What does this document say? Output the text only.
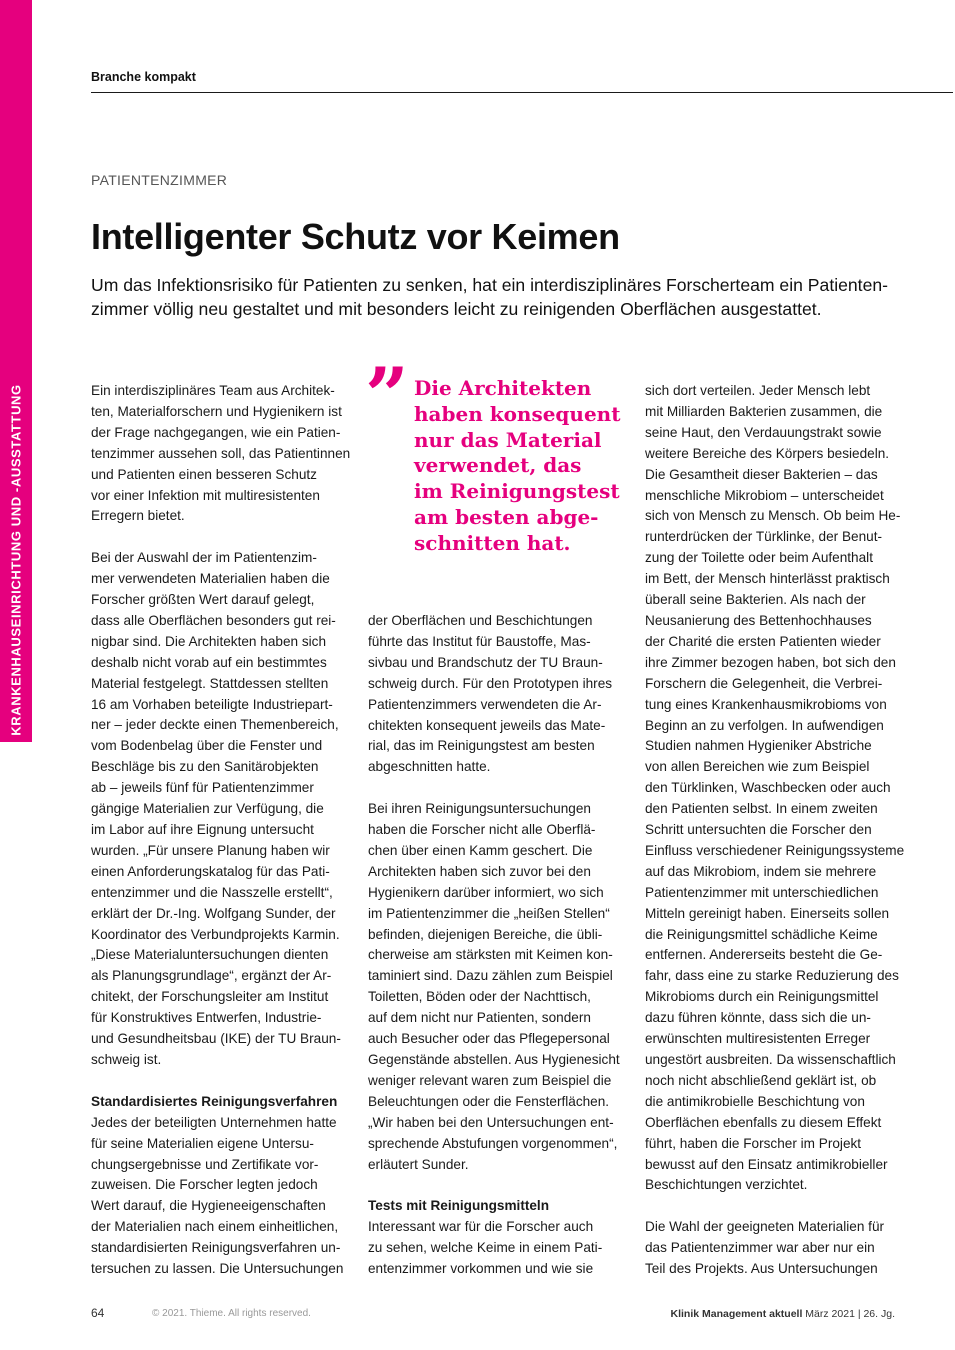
KRANKENHAUSEINRICHTUNG UND -AUSSTATTUNG
Branche kompakt
PATIENTENZIMMER
Intelligenter Schutz vor Keimen
Um das Infektionsrisiko für Patienten zu senken, hat ein interdisziplinäres Forscherteam ein Patienten-zimmer völlig neu gestaltet und mit besonders leicht zu reinigenden Oberflächen ausgestattet.

Ein interdisziplinäres Team aus Architek-
ten, Materialforschern und Hygienikern ist
der Frage nachgegangen, wie ein Patien-
tenzimmer aussehen soll, das Patientinnen
und Patienten einen besseren Schutz
vor einer Infektion mit multiresistenten
Erregern bietet.

Bei der Auswahl der im Patientenzim-
mer verwendeten Materialien haben die
Forscher größten Wert darauf gelegt,
dass alle Oberflächen besonders gut rei-
nigbar sind. Die Architekten haben sich
deshalb nicht vorab auf ein bestimmtes
Material festgelegt. Stattdessen stellten
16 am Vorhaben beteiligte Industriepart-
ner – jeder deckte einen Themenbereich,
vom Bodenbelag über die Fenster und
Beschläge bis zu den Sanitärobjekten
ab – jeweils fünf für Patientenzimmer
gängige Materialien zur Verfügung, die
im Labor auf ihre Eignung untersucht
wurden. „Für unsere Planung haben wir
einen Anforderungskatalog für das Pati-
entenzimmer und die Nasszelle erstellt“,
erklärt der Dr.-Ing. Wolfgang Sunder, der
Koordinator des Verbundprojekts Karmin.
„Diese Materialuntersuchungen dienten
als Planungsgrundlage“, ergänzt der Ar-
chitekt, der Forschungsleiter am Institut
für Konstruktives Entwerfen, Industrie-
und Gesundheitsbau (IKE) der TU Braun-
schweig ist.

Standardisiertes Reinigungsverfahren

Jedes der beteiligten Unternehmen hatte
für seine Materialien eigene Untersu-
chungsergebnisse und Zertifikate vor-
zuweisen. Die Forscher legten jedoch
Wert darauf, die Hygieneeigenschaften
der Materialien nach einem einheitlichen,
standardisierten Reinigungsverfahren un-
tersuchen zu lassen. Die Untersuchungen

” Die Architekten
haben konsequent
nur das Material
verwendet, das
im Reinigungstest
am besten abge-
schnitten hat.

der Oberflächen und Beschichtungen
führte das Institut für Baustoffe, Mas-
sivbau und Brandschutz der TU Braun-
schweig durch. Für den Prototypen ihres
Patientenzimmers verwendeten die Ar-
chitekten konsequent jeweils das Mate-
rial, das im Reinigungstest am besten
abgeschnitten hatte.

Bei ihren Reinigungsuntersuchungen
haben die Forscher nicht alle Oberflä-
chen über einen Kamm geschert. Die
Architekten haben sich zuvor bei den
Hygienikern darüber informiert, wo sich
im Patientenzimmer die „heißen Stellen“
befinden, diejenigen Bereiche, die übli-
cherweise am stärksten mit Keimen kon-
taminiert sind. Dazu zählen zum Beispiel
Toiletten, Böden oder der Nachttisch,
auf dem nicht nur Patienten, sondern
auch Besucher oder das Pflegepersonal
Gegenstände abstellen. Aus Hygienesicht
weniger relevant waren zum Beispiel die
Beleuchtungen oder die Fensterflächen.
„Wir haben bei den Untersuchungen ent-
sprechende Abstufungen vorgenommen“,
erläutert Sunder.

Tests mit Reinigungsmitteln

Interessant war für die Forscher auch
zu sehen, welche Keime in einem Pati-
entenzimmer vorkommen und wie sie

sich dort verteilen. Jeder Mensch lebt
mit Milliarden Bakterien zusammen, die
seine Haut, den Verdauungstrakt sowie
weitere Bereiche des Körpers besiedeln.
Die Gesamtheit dieser Bakterien – das
menschliche Mikrobiom – unterscheidet
sich von Mensch zu Mensch. Ob beim He-
runterdrücken der Türklinke, der Benut-
zung der Toilette oder beim Aufenthalt
im Bett, der Mensch hinterlässt praktisch
überall seine Bakterien. Als nach der
Neusanierung des Bettenhochhauses
der Charité die ersten Patienten wieder
ihre Zimmer bezogen haben, bot sich den
Forschern die Gelegenheit, die Verbrei-
tung eines Krankenhausmikrobioms von
Beginn an zu verfolgen. In aufwendigen
Studien nahmen Hygieniker Abstriche
von allen Bereichen wie zum Beispiel
den Türklinken, Waschbecken oder auch
den Patienten selbst. In einem zweiten
Schritt untersuchten die Forscher den
Einfluss verschiedener Reinigungssysteme
auf das Mikrobiom, indem sie mehrere
Patientenzimmer mit unterschiedlichen
Mitteln gereinigt haben. Einerseits sollen
die Reinigungsmittel schädliche Keime
entfernen. Andererseits besteht die Ge-
fahr, dass eine zu starke Reduzierung des
Mikrobioms durch ein Reinigungsmittel
dazu führen könnte, dass sich die un-
erwünschten multiresistenten Erreger
ungestört ausbreiten. Da wissenschaftlich
noch nicht abschließend geklärt ist, ob
die antimikrobielle Beschichtung von
Oberflächen ebenfalls zu diesem Effekt
führt, haben die Forscher im Projekt
bewusst auf den Einsatz antimikrobieller
Beschichtungen verzichtet.

Die Wahl der geeigneten Materialien für
das Patientenzimmer war aber nur ein
Teil des Projekts. Aus Untersuchungen

64	© 2021. Thieme. All rights reserved.	Klinik Management aktuell März 2021 | 26. Jg.
